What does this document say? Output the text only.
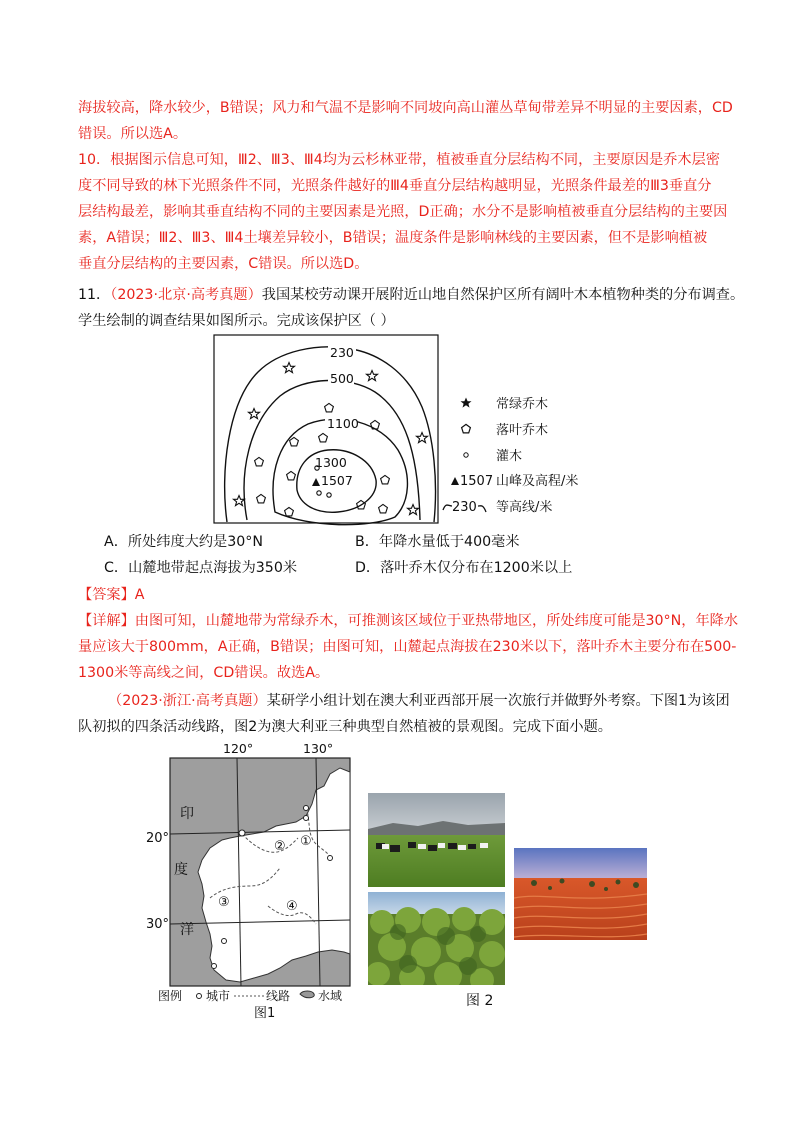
海拔较高，降水较少，B错误；风力和气温不是影响不同坡向高山灌丛草甸带差异不明显的主要因素，CD
错误。所以选A。
10．根据图示信息可知，Ⅲ2、Ⅲ3、Ⅲ4均为云杉林亚带，植被垂直分层结构不同，主要原因是乔木层密
度不同导致的林下光照条件不同，光照条件越好的Ⅲ4垂直分层结构越明显，光照条件最差的Ⅲ3垂直分
层结构最差，影响其垂直结构不同的主要因素是光照，D正确；水分不是影响植被垂直分层结构的主要因
素，A错误；Ⅲ2、Ⅲ3、Ⅲ4土壤差异较小，B错误；温度条件是影响林线的主要因素，但不是影响植被
垂直分层结构的主要因素，C错误。所以选D。
11．（2023·北京·高考真题）我国某校劳动课开展附近山地自然保护区所有阔叶木本植物种类的分布调查。
学生绘制的调查结果如图所示。完成该保护区（ ）
230
500
1100
1300
1507
常绿乔木
落叶乔木
灌木
1507 山峰及高程/米
230 等高线/米
A．所处纬度大约是30°N	B．年降水量低于400毫米
C．山麓地带起点海拔为350米	D．落叶乔木仅分布在1200米以上
【答案】A
【详解】由图可知，山麓地带为常绿乔木，可推测该区域位于亚热带地区，所处纬度可能是30°N，年降水
量应该大于800mm，A正确，B错误；由图可知，山麓起点海拔在230米以下，落叶乔木主要分布在500-
1300米等高线之间，CD错误。故选A。
（2023·浙江·高考真题）某研学小组计划在澳大利亚西部开展一次旅行并做野外考察。下图1为该团
队初拟的四条活动线路，图2为澳大利亚三种典型自然植被的景观图。完成下面小题。
120°	130°
①
②
③	④
印
度
洋
20°
30°
图例 城市	线路 水域
图1
图 2
